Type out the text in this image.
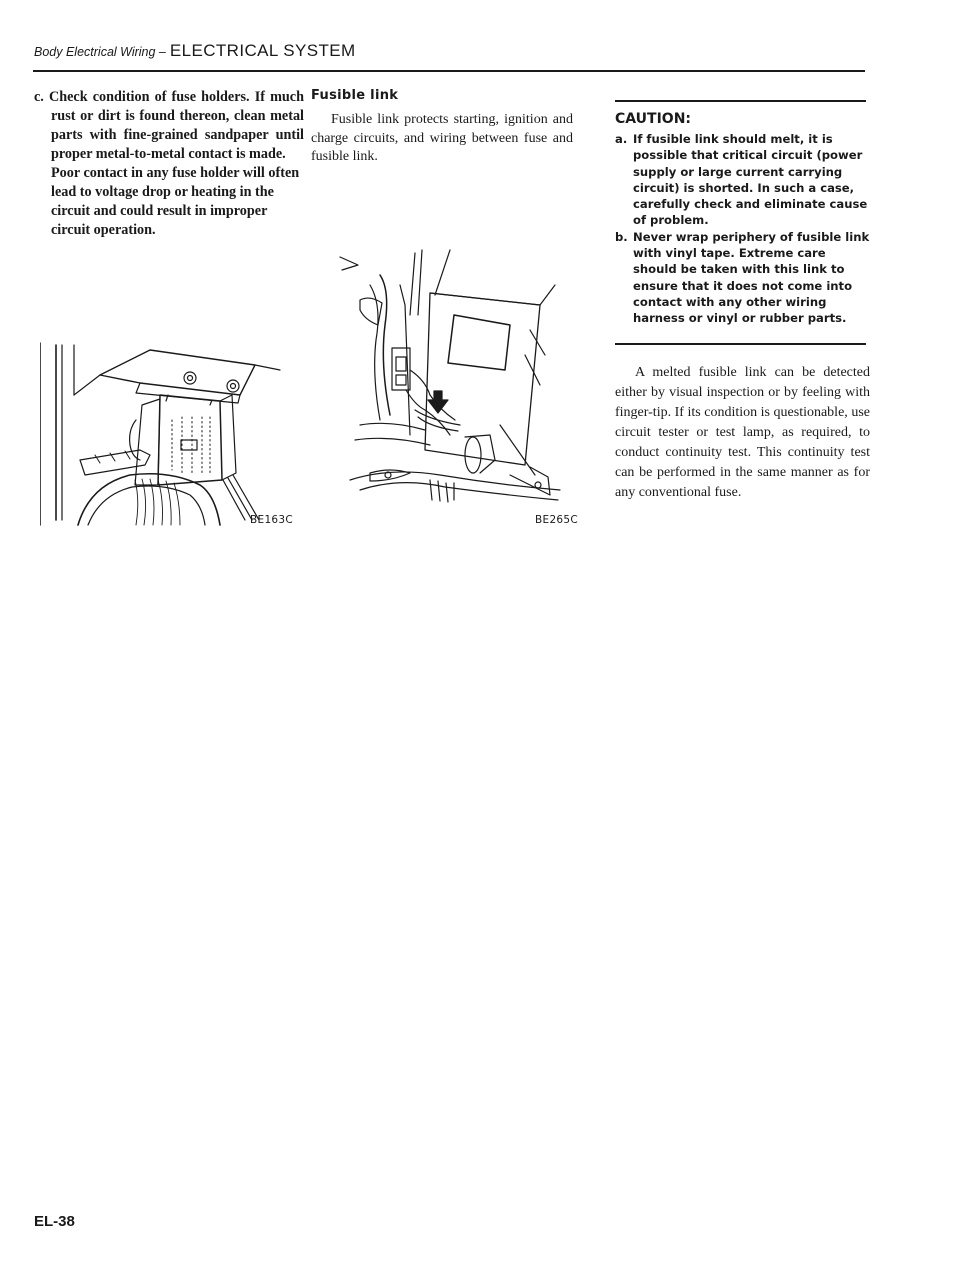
Body Electrical Wiring – ELECTRICAL SYSTEM

c. Check condition of fuse holders. If much rust or dirt is found thereon, clean metal parts with fine-grained sandpaper until proper metal-to-metal contact is made.

Poor contact in any fuse holder will often lead to voltage drop or heating in the circuit and could result in improper circuit operation.

BE163C

Fusible link

Fusible link protects starting, ignition and charge circuits, and wiring between fuse and fusible link.

BE265C

CAUTION:

a. If fusible link should melt, it is possible that critical circuit (power supply or large current carrying circuit) is shorted. In such a case, carefully check and eliminate cause of problem.

b. Never wrap periphery of fusible link with vinyl tape. Extreme care should be taken with this link to ensure that it does not come into contact with any other wiring harness or vinyl or rubber parts.

A melted fusible link can be detected either by visual inspection or by feeling with finger-tip. If its condition is questionable, use circuit tester or test lamp, as required, to conduct continuity test. This continuity test can be performed in the same manner as for any conventional fuse.

EL-38
